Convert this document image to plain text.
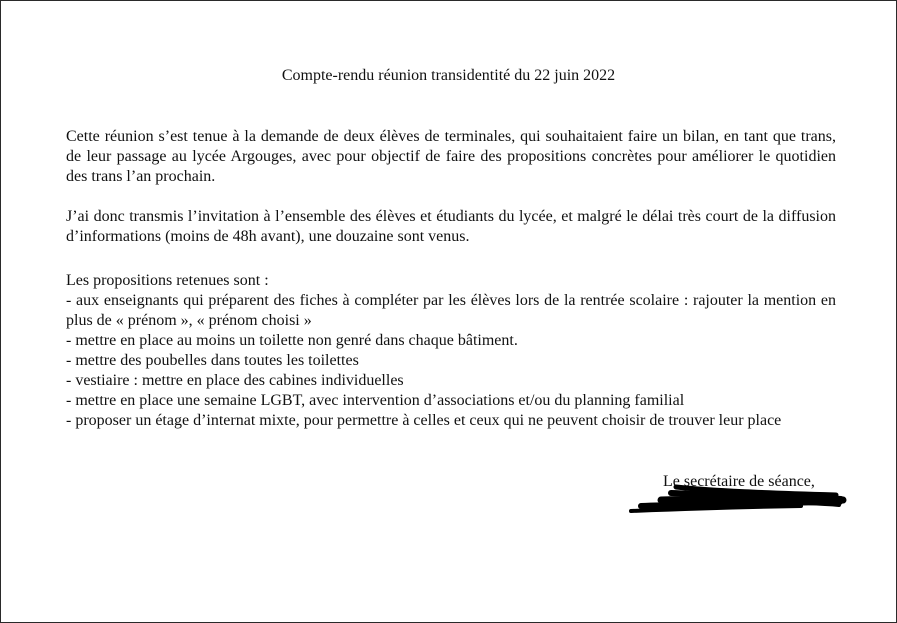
Compte-rendu réunion transidentité du 22 juin 2022

Cette réunion s’est tenue à la demande de deux élèves de terminales, qui souhaitaient faire un bilan, en tant que trans, de leur passage au lycée Argouges, avec pour objectif de faire des propositions concrètes pour améliorer le quotidien des trans l’an prochain.

J’ai donc transmis l’invitation à l’ensemble des élèves et étudiants du lycée, et malgré le délai très court de la diffusion d’informations (moins de 48h avant), une douzaine sont venus.

Les propositions retenues sont :
- aux enseignants qui préparent des fiches à compléter par les élèves lors de la rentrée scolaire : rajouter la mention en plus de « prénom », « prénom choisi »
- mettre en place au moins un toilette non genré dans chaque bâtiment.
- mettre des poubelles dans toutes les toilettes
- vestiaire : mettre en place des cabines individuelles
- mettre en place une semaine LGBT, avec intervention d’associations et/ou du planning familial
- proposer un étage d’internat mixte, pour permettre à celles et ceux qui ne peuvent choisir de trouver leur place
Le secrétaire de séance,
CPE
